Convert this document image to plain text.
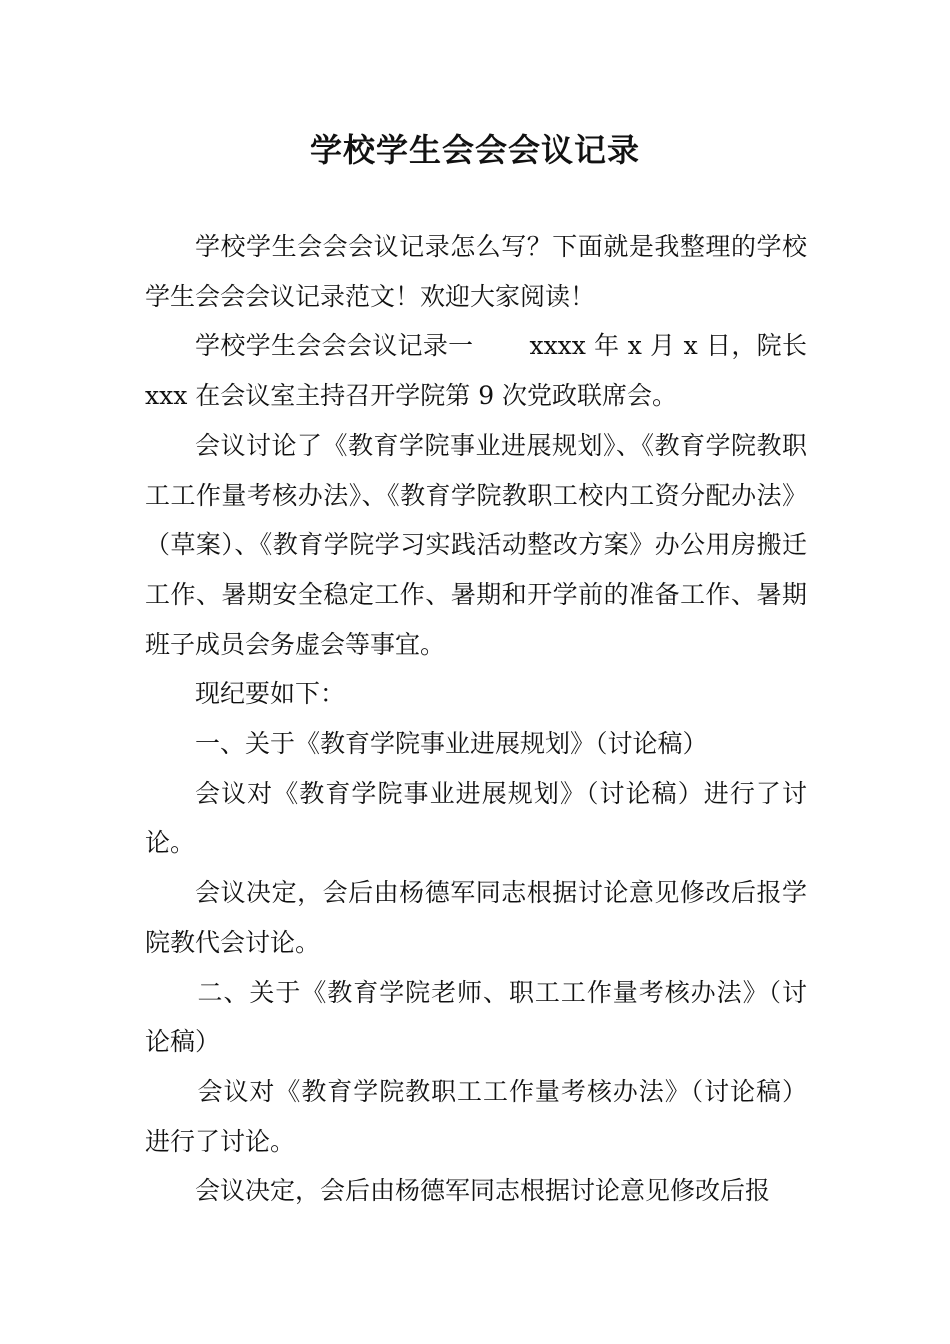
学校学生会会会议记录

学校学生会会会议记录怎么写？下面就是我整理的学校学生会会会议记录范文！欢迎大家阅读！

学校学生会会会议记录一 xxxx 年 x 月 x 日，院长 xxx 在会议室主持召开学院第 9 次党政联席会。

会议讨论了《教育学院事业进展规划》、《教育学院教职工工作量考核办法》、《教育学院教职工校内工资分配办法》（草案）、《教育学院学习实践活动整改方案》办公用房搬迁工作、暑期安全稳定工作、暑期和开学前的准备工作、暑期班子成员会务虚会等事宜。

现纪要如下：

一、关于《教育学院事业进展规划》（讨论稿）

会议对《教育学院事业进展规划》（讨论稿）进行了讨论。

会议决定，会后由杨德军同志根据讨论意见修改后报学院教代会讨论。

二、关于《教育学院老师、职工工作量考核办法》（讨论稿）

会议对《教育学院教职工工作量考核办法》（讨论稿）进行了讨论。

会议决定，会后由杨德军同志根据讨论意见修改后报
